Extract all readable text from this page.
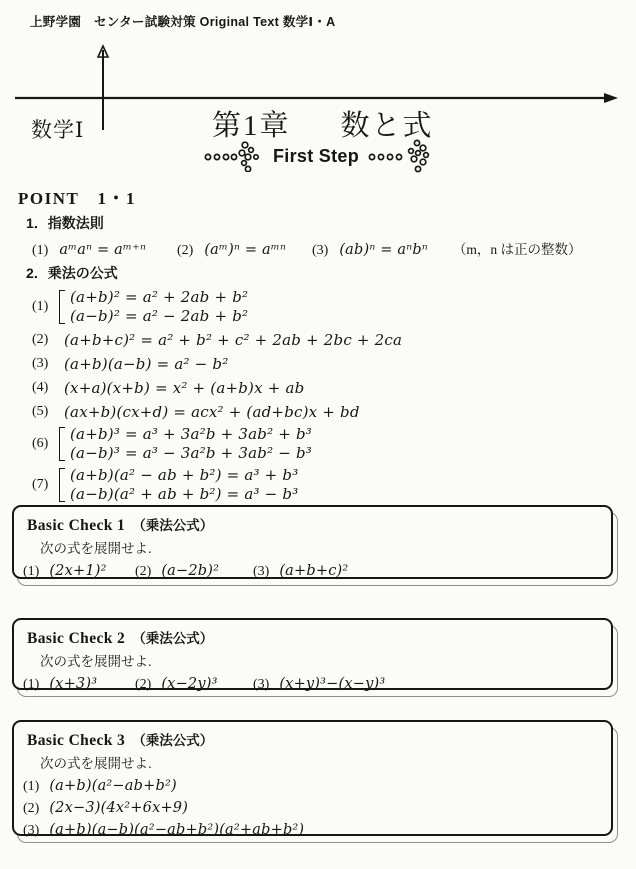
上野学園　センター試験対策 Original Text 数学Ⅰ・A
数学Ⅰ	第1章 数と式
First Step
POINT　1・1
1．指数法則
(1) aᵐaⁿ = aᵐ⁺ⁿ (2) (aᵐ)ⁿ = aᵐⁿ (3) (ab)ⁿ = aⁿbⁿ （m，n は正の整数）
2．乗法の公式
(1)
(a+b)² = a² + 2ab + b²
(a−b)² = a² − 2ab + b²
(2)	(a+b+c)² = a² + b² + c² + 2ab + 2bc + 2ca
(3)	(a+b)(a−b) = a² − b²
(4)	(x+a)(x+b) = x² + (a+b)x + ab
(5)	(ax+b)(cx+d) = acx² + (ad+bc)x + bd
(6)
(a+b)³ = a³ + 3a²b + 3ab² + b³
(a−b)³ = a³ − 3a²b + 3ab² − b³
(7)
(a+b)(a² − ab + b²) = a³ + b³
(a−b)(a² + ab + b²) = a³ − b³
Basic Check 1 （乗法公式）
次の式を展開せよ.
(1) (2x+1)² (2) (a−2b)² (3) (a+b+c)²
Basic Check 2 （乗法公式）
次の式を展開せよ.
(1) (x+3)³	(2) (x−2y)³	(3) (x+y)³−(x−y)³
Basic Check 3 （乗法公式）
次の式を展開せよ.
(1) (a+b)(a²−ab+b²)
(2) (2x−3)(4x²+6x+9)
(3) (a+b)(a−b)(a²−ab+b²)(a²+ab+b²)
